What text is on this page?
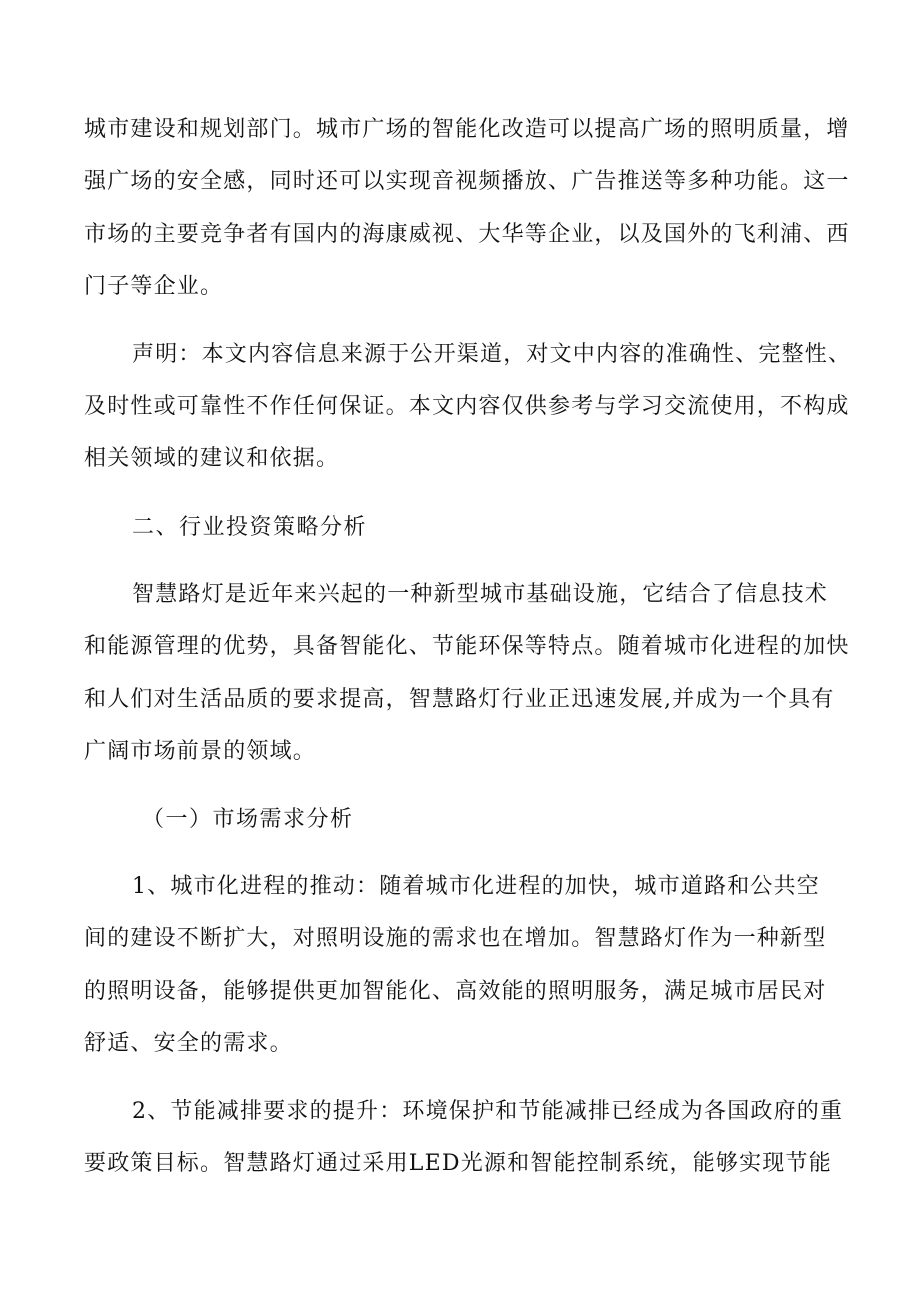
城市建设和规划部门。城市广场的智能化改造可以提高广场的照明质量，增
强广场的安全感，同时还可以实现音视频播放、广告推送等多种功能。这一
市场的主要竞争者有国内的海康威视、大华等企业，以及国外的飞利浦、西
门子等企业。
声明：本文内容信息来源于公开渠道，对文中内容的准确性、完整性、
及时性或可靠性不作任何保证。本文内容仅供参考与学习交流使用，不构成
相关领域的建议和依据。
二、行业投资策略分析
智慧路灯是近年来兴起的一种新型城市基础设施，它结合了信息技术
和能源管理的优势，具备智能化、节能环保等特点。随着城市化进程的加快
和人们对生活品质的要求提高，智慧路灯行业正迅速发展,并成为一个具有
广阔市场前景的领域。
（一）市场需求分析
1、城市化进程的推动：随着城市化进程的加快，城市道路和公共空
间的建设不断扩大，对照明设施的需求也在增加。智慧路灯作为一种新型
的照明设备，能够提供更加智能化、高效能的照明服务，满足城市居民对
舒适、安全的需求。
2、节能减排要求的提升：环境保护和节能减排已经成为各国政府的重
要政策目标。智慧路灯通过采用LED光源和智能控制系统，能够实现节能
